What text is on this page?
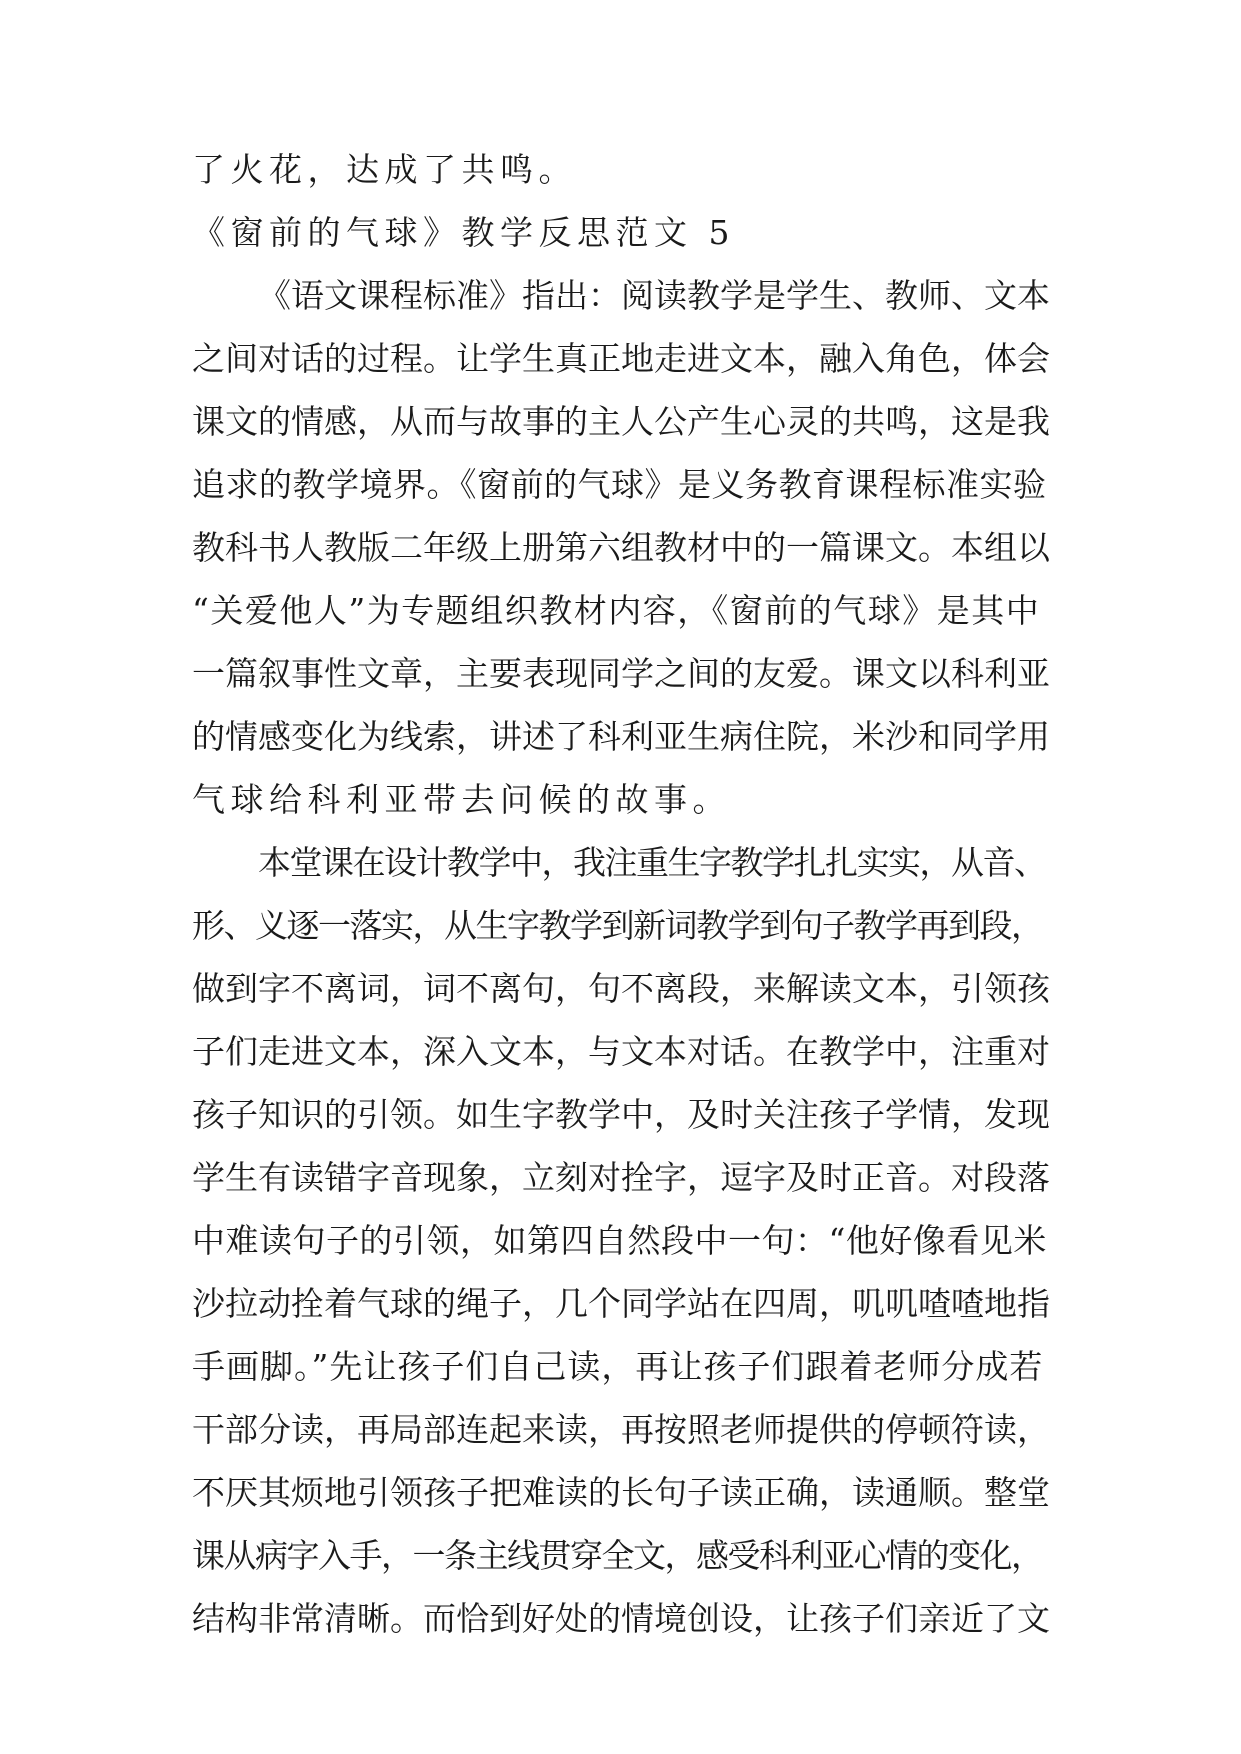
了火花，达成了共鸣。
《窗前的气球》教学反思范文 5
《语文课程标准》指出：阅读教学是学生、教师、文本
之间对话的过程。让学生真正地走进文本，融入角色，体会
课文的情感，从而与故事的主人公产生心灵的共鸣，这是我
追求的教学境界。《窗前的气球》是义务教育课程标准实验
教科书人教版二年级上册第六组教材中的一篇课文。本组以
“关爱他人”为专题组织教材内容，《窗前的气球》是其中
一篇叙事性文章，主要表现同学之间的友爱。课文以科利亚
的情感变化为线索，讲述了科利亚生病住院，米沙和同学用
气球给科利亚带去问候的故事。
本堂课在设计教学中，我注重生字教学扎扎实实，从音、
形、义逐一落实，从生字教学到新词教学到句子教学再到段，
做到字不离词，词不离句，句不离段，来解读文本，引领孩
子们走进文本，深入文本，与文本对话。在教学中，注重对
孩子知识的引领。如生字教学中，及时关注孩子学情，发现
学生有读错字音现象，立刻对拴字，逗字及时正音。对段落
中难读句子的引领，如第四自然段中一句：“他好像看见米
沙拉动拴着气球的绳子，几个同学站在四周，叽叽喳喳地指
手画脚。”先让孩子们自己读，再让孩子们跟着老师分成若
干部分读，再局部连起来读，再按照老师提供的停顿符读，
不厌其烦地引领孩子把难读的长句子读正确，读通顺。整堂
课从病字入手，一条主线贯穿全文，感受科利亚心情的变化，
结构非常清晰。而恰到好处的情境创设，让孩子们亲近了文
